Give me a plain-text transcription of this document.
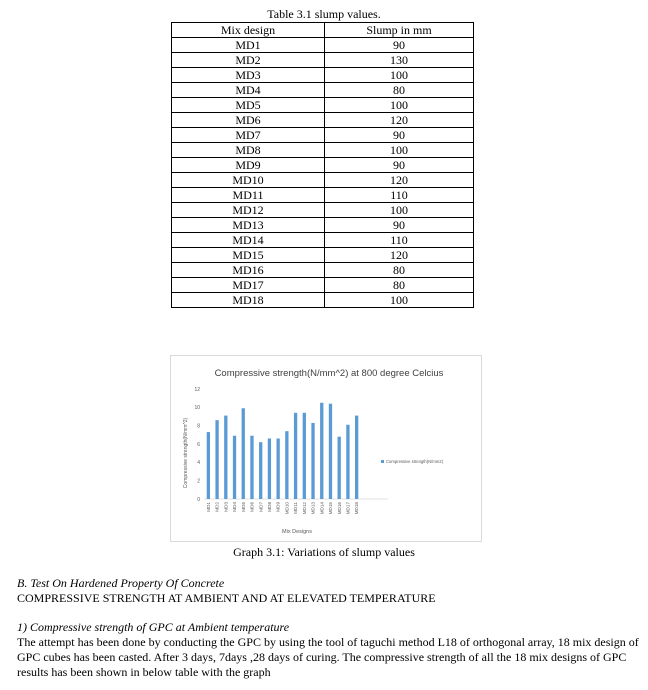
Table 3.1 slump values.
Mix design	Slump in mm
MD1	90
MD2	130
MD3	100
MD4	80
MD5	100
MD6	120
MD7	90
MD8	100
MD9	90
MD10	120
MD11	110
MD12	100
MD13	90
MD14	110
MD15	120
MD16	80
MD17	80
MD18	100
Compressive strength(N/mm^2) at 800 degree Celcius
Compressive strength(N/mm^2)
Mix Designs
0
2
4
6
8
10
12
MD1 MD2 MD3 MD4 MD5 MD6 MD7 MD8 MD9 MD10 MD11 MD12 MD13 MD14 MD15 MD16 MD17 MD18
Compressive strength(N/mm2)
Graph 3.1: Variations of slump values
B. Test On Hardened Property Of Concrete
COMPRESSIVE STRENGTH AT AMBIENT AND AT ELEVATED TEMPERATURE
1) Compressive strength of GPC at Ambient temperature
The attempt has been done by conducting the GPC by using the tool of taguchi method L18 of orthogonal array, 18 mix design of GPC cubes has been casted. After 3 days, 7days ,28 days of curing. The compressive strength of all the 18 mix designs of GPC results has been shown in below table with the graph
